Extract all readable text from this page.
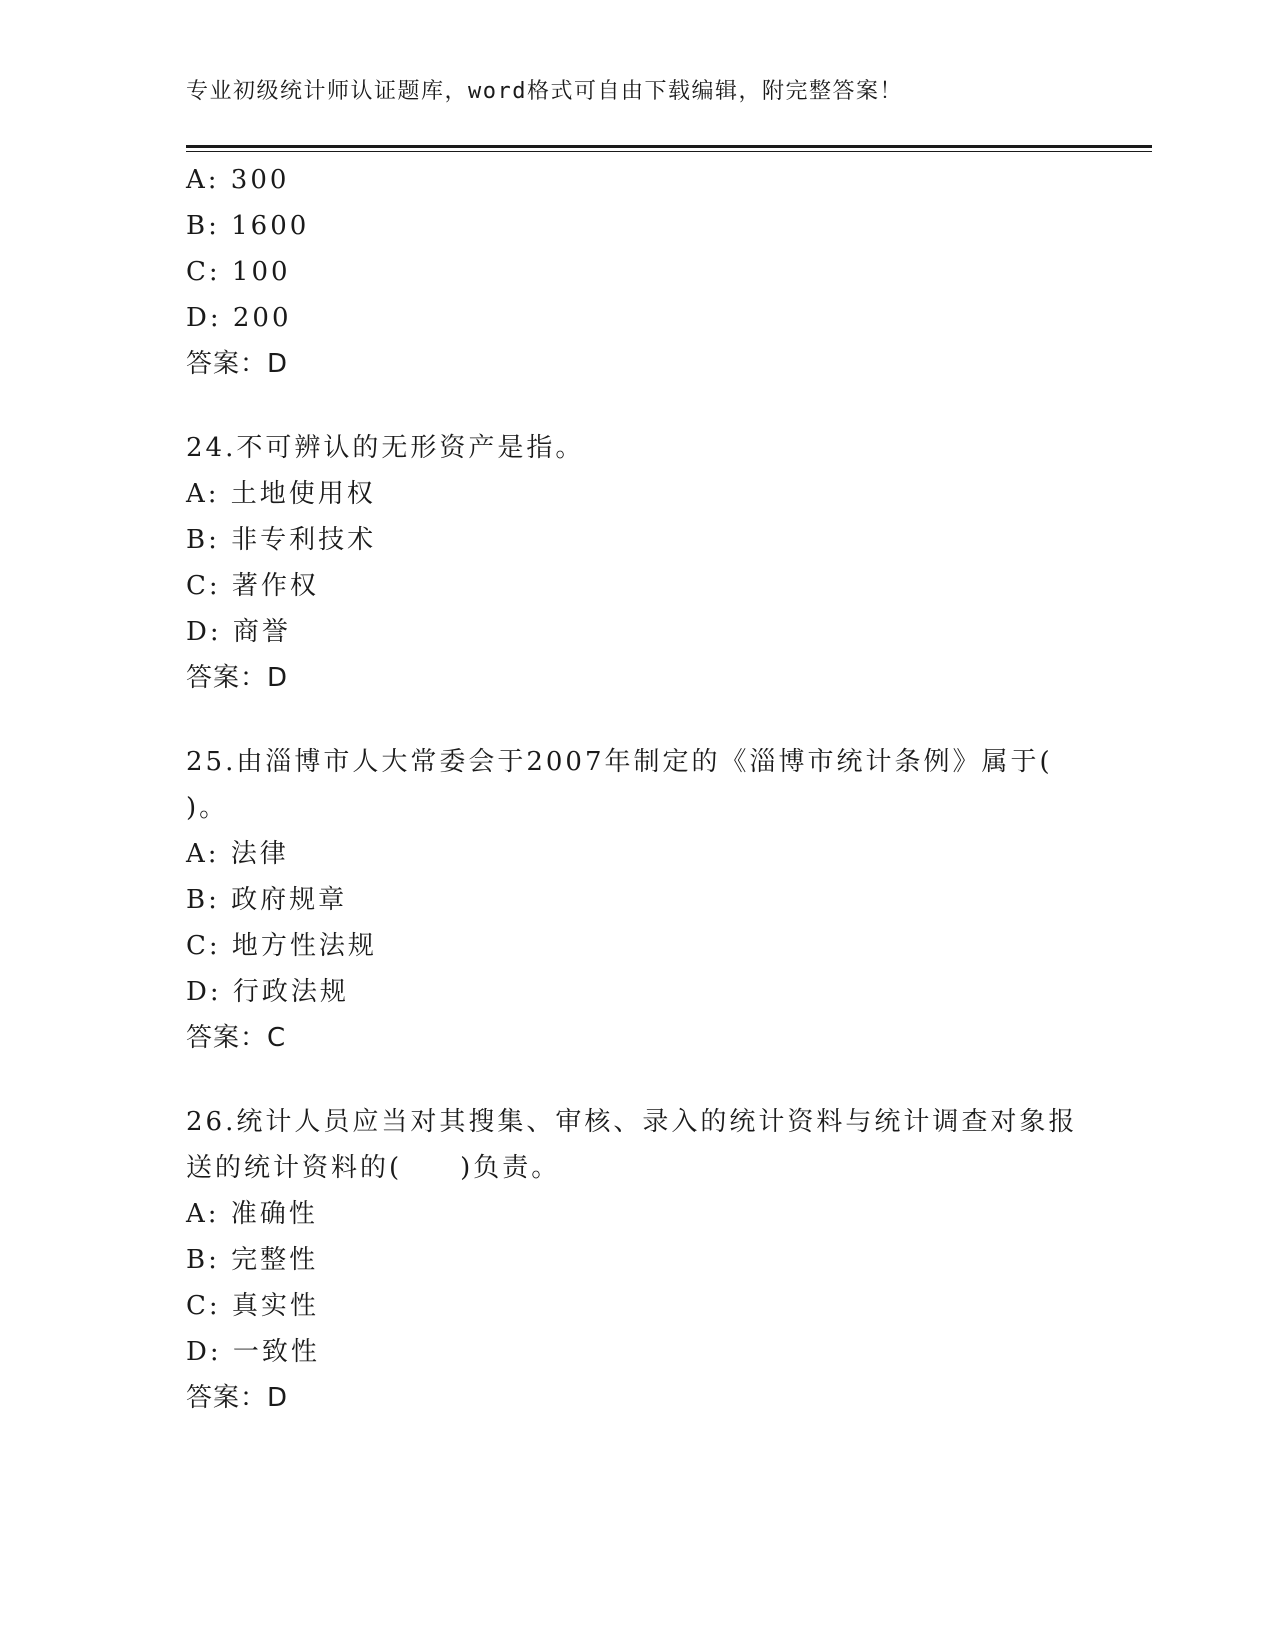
专业初级统计师认证题库，word格式可自由下载编辑，附完整答案！
A: 300
B: 1600
C: 100
D: 200
答案：D
24.不可辨认的无形资产是指。
A: 土地使用权
B: 非专利技术
C: 著作权
D: 商誉
答案：D
25.由淄博市人大常委会于2007年制定的《淄博市统计条例》属于(
)。
A: 法律
B: 政府规章
C: 地方性法规
D: 行政法规
答案：C
26.统计人员应当对其搜集、审核、录入的统计资料与统计调查对象报
送的统计资料的(　　)负责。
A: 准确性
B: 完整性
C: 真实性
D: 一致性
答案：D
